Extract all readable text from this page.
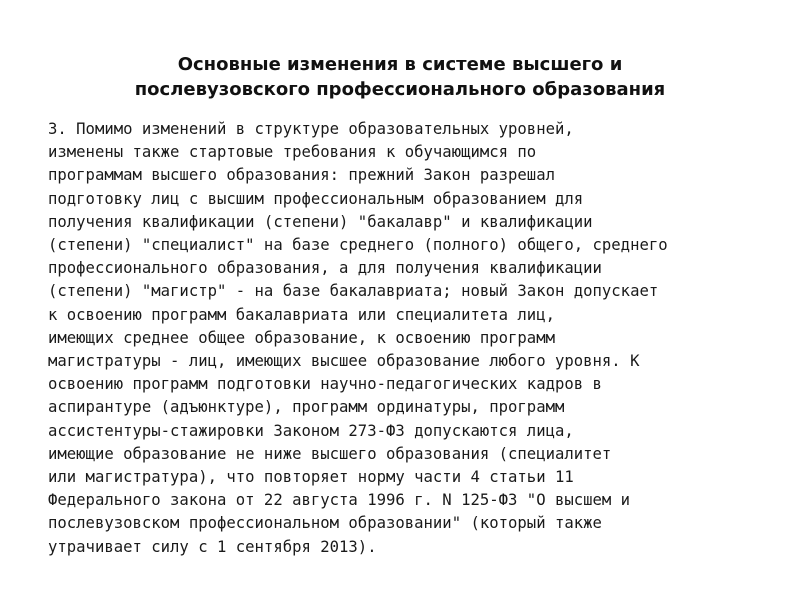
Основные изменения в системе высшего и
послевузовского профессионального образования
3. Помимо изменений в структуре образовательных уровней,
изменены также стартовые требования к обучающимся по
программам высшего образования: прежний Закон разрешал
подготовку лиц с высшим профессиональным образованием для
получения квалификации (степени) "бакалавр" и квалификации
(степени) "специалист" на базе среднего (полного) общего, среднего
профессионального образования, а для получения квалификации
(степени) "магистр" - на базе бакалавриата; новый Закон допускает
к освоению программ бакалавриата или специалитета лиц,
имеющих среднее общее образование, к освоению программ
магистратуры - лиц, имеющих высшее образование любого уровня. К
освоению программ подготовки научно-педагогических кадров в
аспирантуре (адъюнктуре), программ ординатуры, программ
ассистентуры-стажировки Законом 273-ФЗ допускаются лица,
имеющие образование не ниже высшего образования (специалитет
или магистратура), что повторяет норму части 4 статьи 11
Федерального закона от 22 августа 1996 г. N 125-ФЗ "О высшем и
послевузовском профессиональном образовании" (который также
утрачивает силу с 1 сентября 2013).
